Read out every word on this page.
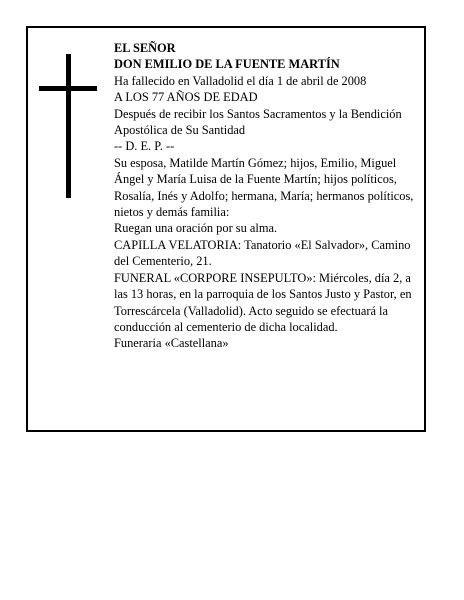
EL SEÑOR

DON EMILIO DE LA FUENTE MARTÍN

Ha fallecido en Valladolid el día 1 de abril de 2008

A LOS 77 AÑOS DE EDAD

Después de recibir los Santos Sacramentos y la Bendición Apostólica de Su Santidad

-- D. E. P. --

Su esposa, Matilde Martín Gómez; hijos, Emilio, Miguel Ángel y María Luisa de la Fuente Martín; hijos políticos, Rosalía, Inés y Adolfo; hermana, María; hermanos políticos, nietos y demás familia:

Ruegan una oración por su alma.

CAPILLA VELATORIA: Tanatorio «El Salvador», Camino del Cementerio, 21.

FUNERAL «CORPORE INSEPULTO»: Miércoles, día 2, a las 13 horas, en la parroquia de los Santos Justo y Pastor, en Torrescárcela (Valladolid). Acto seguido se efectuará la conducción al cementerio de dicha localidad.

Funeraria «Castellana»
